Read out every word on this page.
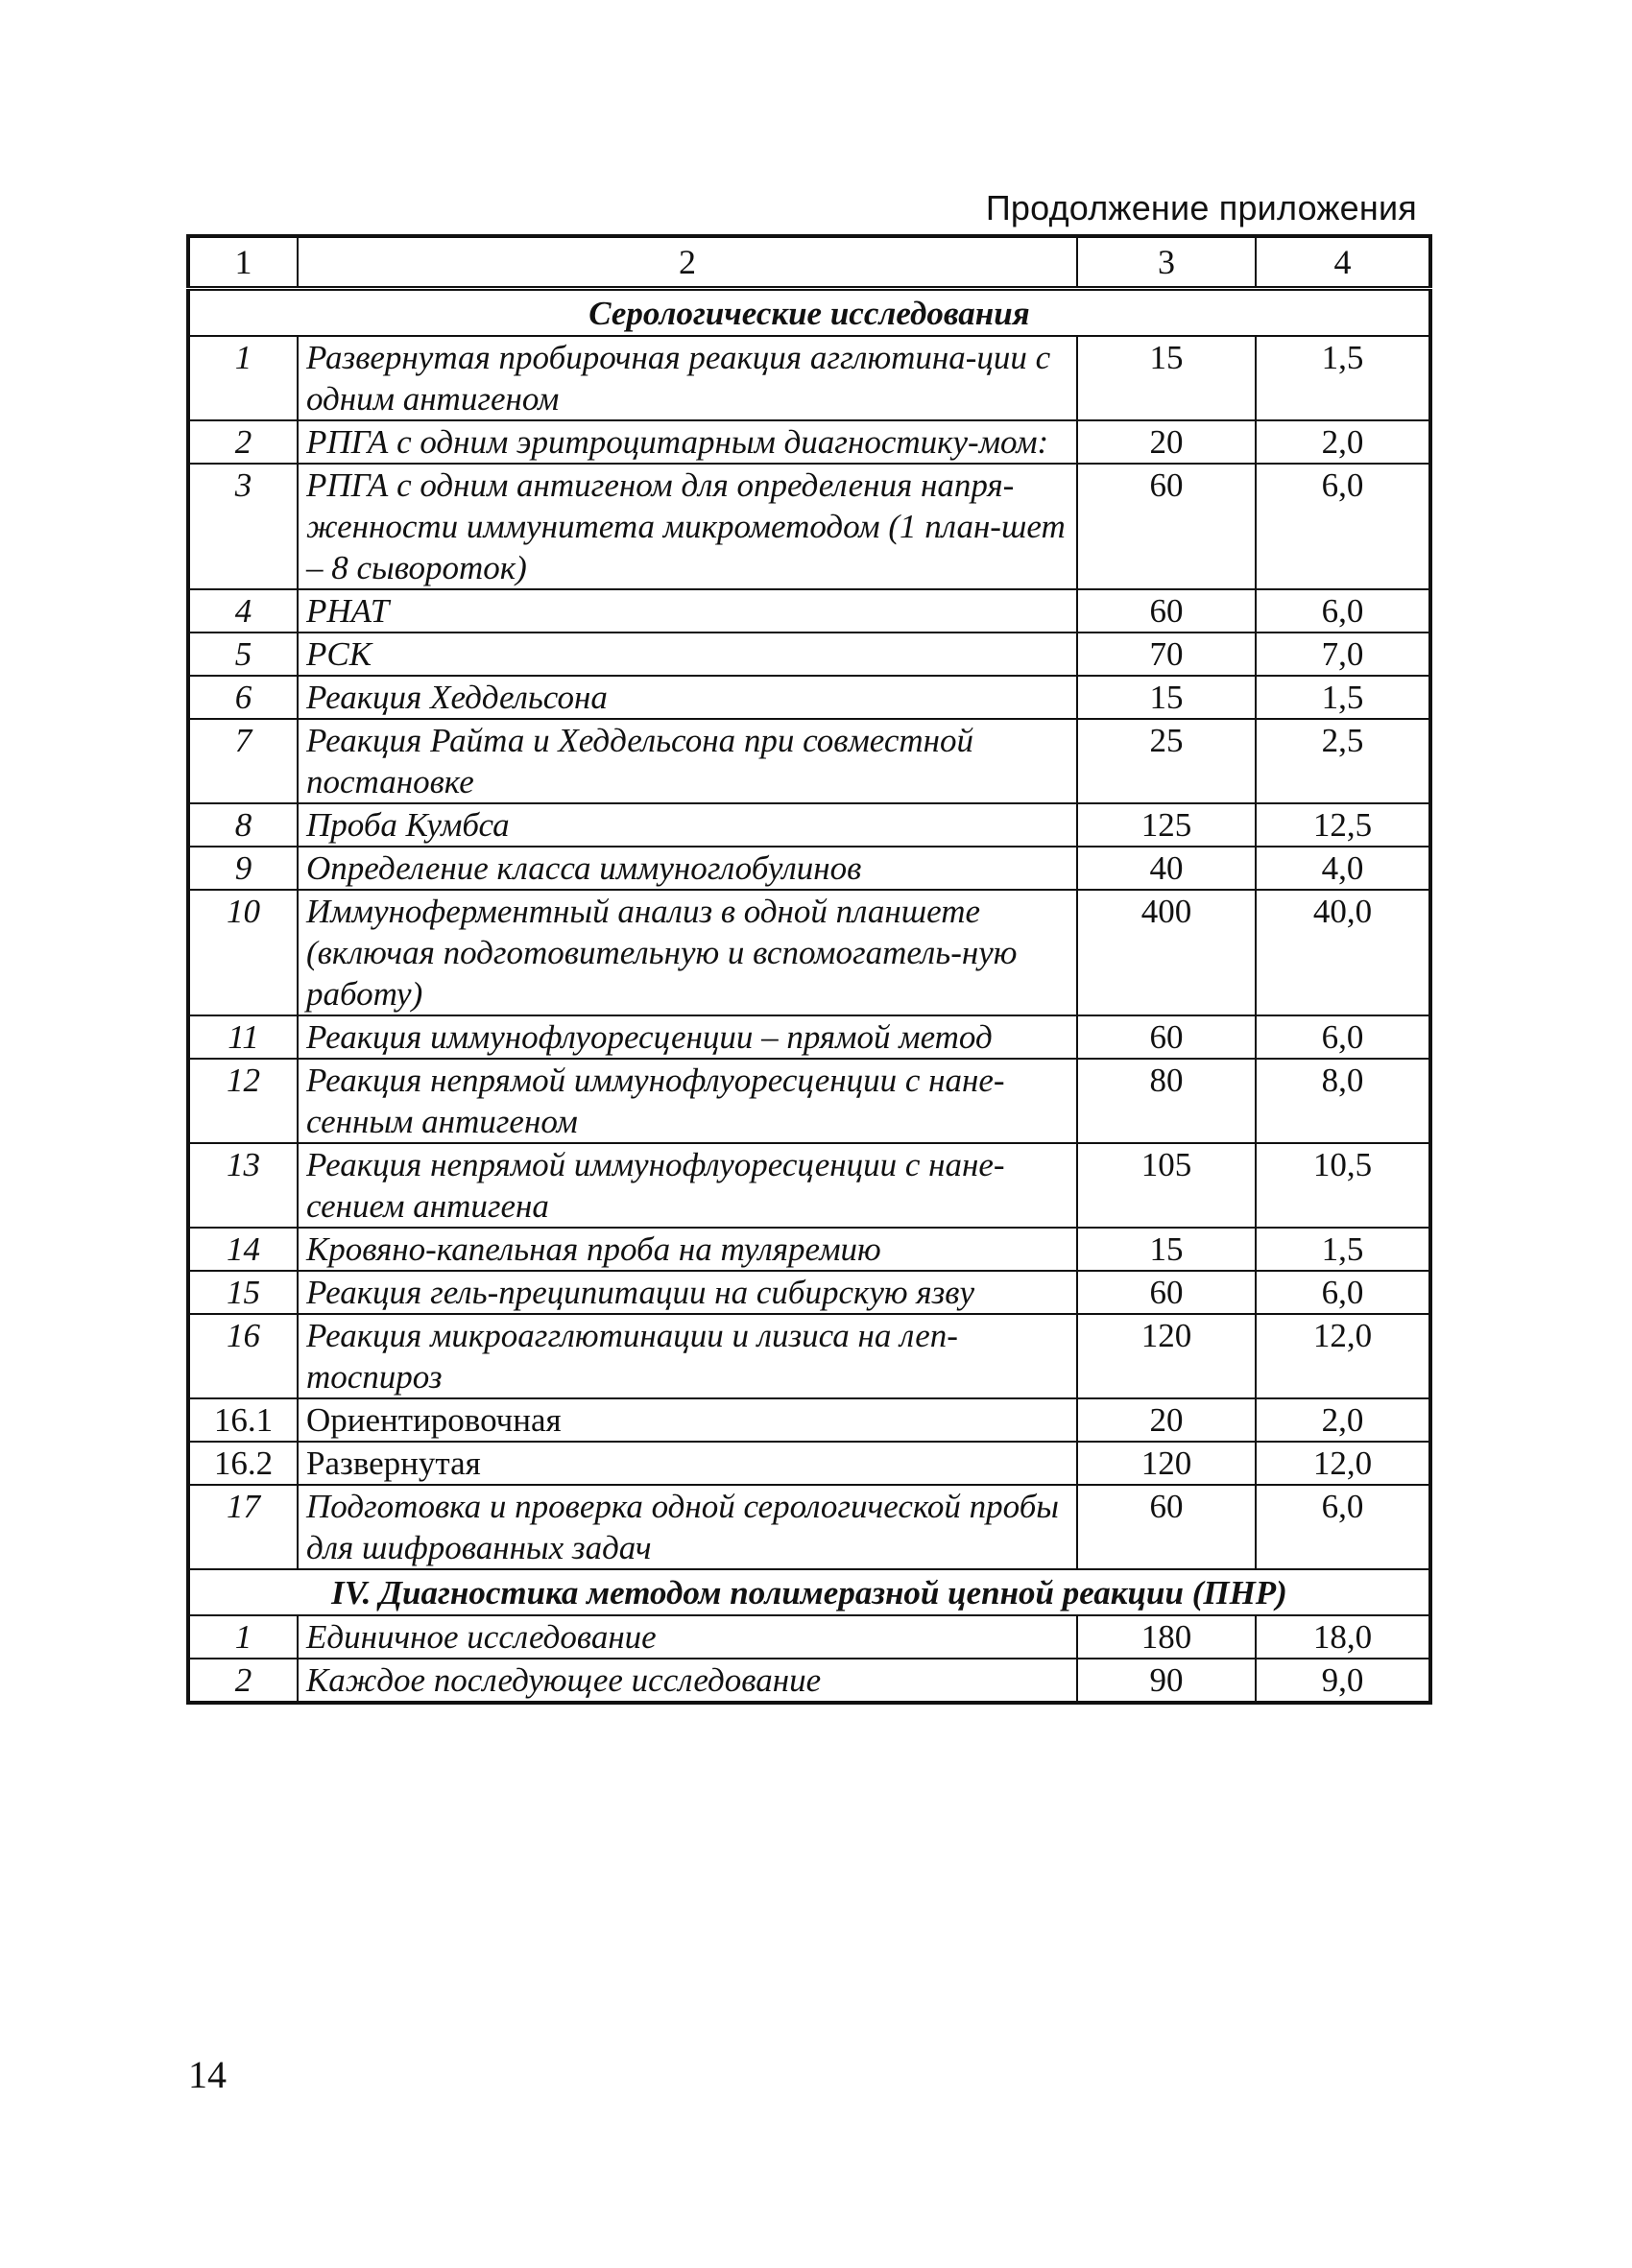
Продолжение приложения
1	2	3	4
Серологические исследования			
1	Развернутая пробирочная реакция агглютина-ции с одним антигеном	15	1,5
2	РПГА с одним эритроцитарным диагностику-мом:	20	2,0
3	РПГА с одним антигеном для определения напря-женности иммунитета микрометодом (1 план-шет – 8 сывороток)	60	6,0
4	РНАТ	60	6,0
5	РСК	70	7,0
6	Реакция Хеддельсона	15	1,5
7	Реакция Райта и Хеддельсона при совместной постановке	25	2,5
8	Проба Кумбса	125	12,5
9	Определение класса иммуноглобулинов	40	4,0
10	Иммуноферментный анализ в одной планшете (включая подготовительную и вспомогатель-ную работу)	400	40,0
11	Реакция иммунофлуоресценции – прямой метод	60	6,0
12	Реакция непрямой иммунофлуоресценции с нане-сенным антигеном	80	8,0
13	Реакция непрямой иммунофлуоресценции с нане-сением антигена	105	10,5
14	Кровяно-капельная проба на туляремию	15	1,5
15	Реакция гель-преципитации на сибирскую язву	60	6,0
16	Реакция микроагглютинации и лизиса на леп-тоспироз	120	12,0
16.1	Ориентировочная	20	2,0
16.2	Развернутая	120	12,0
17	Подготовка и проверка одной серологической пробы для шифрованных задач	60	6,0
IV. Диагностика методом полимеразной цепной реакции (ПНР)			
1	Единичное исследование	180	18,0
2	Каждое последующее исследование	90	9,0
14
